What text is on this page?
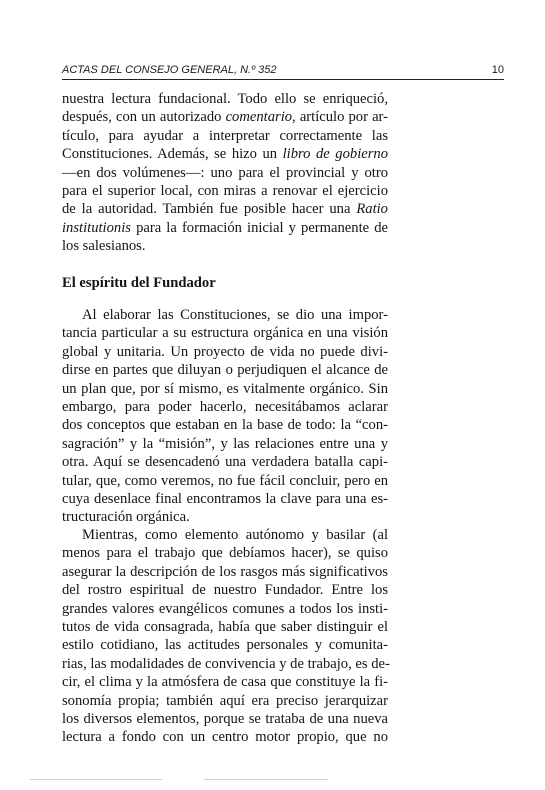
ACTAS DEL CONSEJO GENERAL, N.º 352	10
nuestra lectura fundacional. Todo ello se enriqueció,
después, con un autorizado comentario, artículo por ar-
tículo, para ayudar a interpretar correctamente las
Constituciones. Además, se hizo un libro de gobierno
—en dos volúmenes—: uno para el provincial y otro
para el superior local, con miras a renovar el ejercicio
de la autoridad. También fue posible hacer una Ratio
institutionis para la formación inicial y permanente de
los salesianos.
El espíritu del Fundador
Al elaborar las Constituciones, se dio una impor-
tancia particular a su estructura orgánica en una visión
global y unitaria. Un proyecto de vida no puede divi-
dirse en partes que diluyan o perjudiquen el alcance de
un plan que, por sí mismo, es vitalmente orgánico. Sin
embargo, para poder hacerlo, necesitábamos aclarar
dos conceptos que estaban en la base de todo: la “con-
sagración” y la “misión”, y las relaciones entre una y
otra. Aquí se desencadenó una verdadera batalla capi-
tular, que, como veremos, no fue fácil concluir, pero en
cuya desenlace final encontramos la clave para una es-
tructuración orgánica.
Mientras, como elemento autónomo y basilar (al
menos para el trabajo que debíamos hacer), se quiso
asegurar la descripción de los rasgos más significativos
del rostro espiritual de nuestro Fundador. Entre los
grandes valores evangélicos comunes a todos los insti-
tutos de vida consagrada, había que saber distinguir el
estilo cotidiano, las actitudes personales y comunita-
rias, las modalidades de convivencia y de trabajo, es de-
cir, el clima y la atmósfera de casa que constituye la fi-
sonomía propia; también aquí era preciso jerarquizar
los diversos elementos, porque se trataba de una nueva
lectura a fondo con un centro motor propio, que no
